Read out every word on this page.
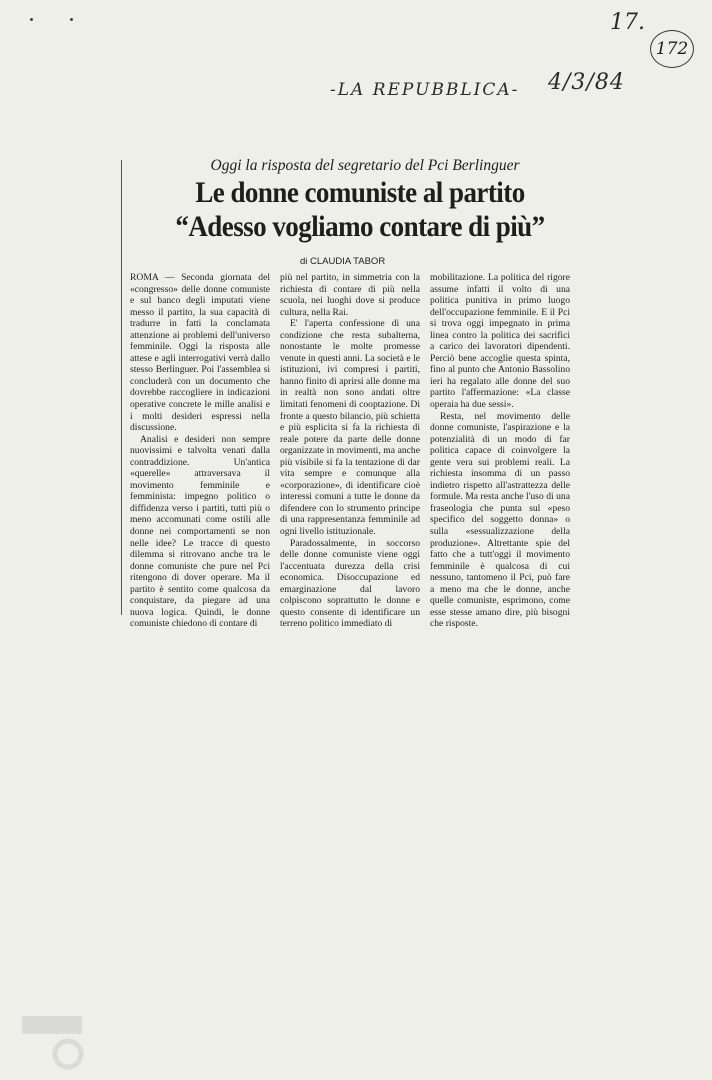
17.
172
-LA REPUBBLICA- 4/3/84
Oggi la risposta del segretario del Pci Berlinguer
Le donne comuniste al partito
“Adesso vogliamo contare di più”
di CLAUDIA TABOR

ROMA — Seconda giornata del «congresso» delle donne comuniste e sul banco degli imputati viene messo il partito, la sua capacità di tradurre in fatti la conclamata attenzione ai problemi dell'universo femminile. Oggi la risposta alle attese e agli interrogativi verrà dallo stesso Berlinguer. Poi l'assemblea si concluderà con un documento che dovrebbe raccogliere in indicazioni operative concrete le mille analisi e i molti desideri espressi nella discussione.

Analisi e desideri non sempre nuovissimi e talvolta venati dalla contraddizione. Un'antica «querelle» attraversava il movimento femminile e femminista: impegno politico o diffidenza verso i partiti, tutti più o meno accomunati come ostili alle donne nei comportamenti se non nelle idee? Le tracce di questo dilemma si ritrovano anche tra le donne comuniste che pure nel Pci ritengono di dover operare. Ma il partito è sentito come qualcosa da conquistare, da piegare ad una nuova logica. Quindi, le donne comuniste chiedono di contare di

più nel partito, in simmetria con la richiesta di contare di più nella scuola, nei luoghi dove si produce cultura, nella Rai.

E' l'aperta confessione di una condizione che resta subalterna, nonostante le molte promesse venute in questi anni. La società e le istituzioni, ivi compresi i partiti, hanno finito di aprirsi alle donne ma in realtà non sono andati oltre limitati fenomeni di cooptazione. Di fronte a questo bilancio, più schietta e più esplicita si fa la richiesta di reale potere da parte delle donne organizzate in movimenti, ma anche più visibile si fa la tentazione di dar vita sempre e comunque alla «corporazione», di identificare cioè interessi comuni a tutte le donne da difendere con lo strumento principe di una rappresentanza femminile ad ogni livello istituzionale.

Paradossalmente, in soccorso delle donne comuniste viene oggi l'accentuata durezza della crisi economica. Disoccupazione ed emarginazione dal lavoro colpiscono soprattutto le donne e questo consente di identificare un terreno politico immediato di

mobilitazione. La politica del rigore assume infatti il volto di una politica punitiva in primo luogo dell'occupazione femminile. E il Pci si trova oggi impegnato in prima linea contro la politica dei sacrifici a carico dei lavoratori dipendenti. Perciò bene accoglie questa spinta, fino al punto che Antonio Bassolino ieri ha regalato alle donne del suo partito l'affermazione: «La classe operaia ha due sessi».

Resta, nel movimento delle donne comuniste, l'aspirazione e la potenzialità di un modo di far politica capace di coinvolgere la gente vera sui problemi reali. La richiesta insomma di un passo indietro rispetto all'astrattezza delle formule. Ma resta anche l'uso di una fraseologia che punta sul «peso specifico del soggetto donna» o sulla «sessualizzazione della produzione». Altrettante spie del fatto che a tutt'oggi il movimento femminile è qualcosa di cui nessuno, tantomeno il Pci, può fare a meno ma che le donne, anche quelle comuniste, esprimono, come esse stesse amano dire, più bisogni che risposte.
